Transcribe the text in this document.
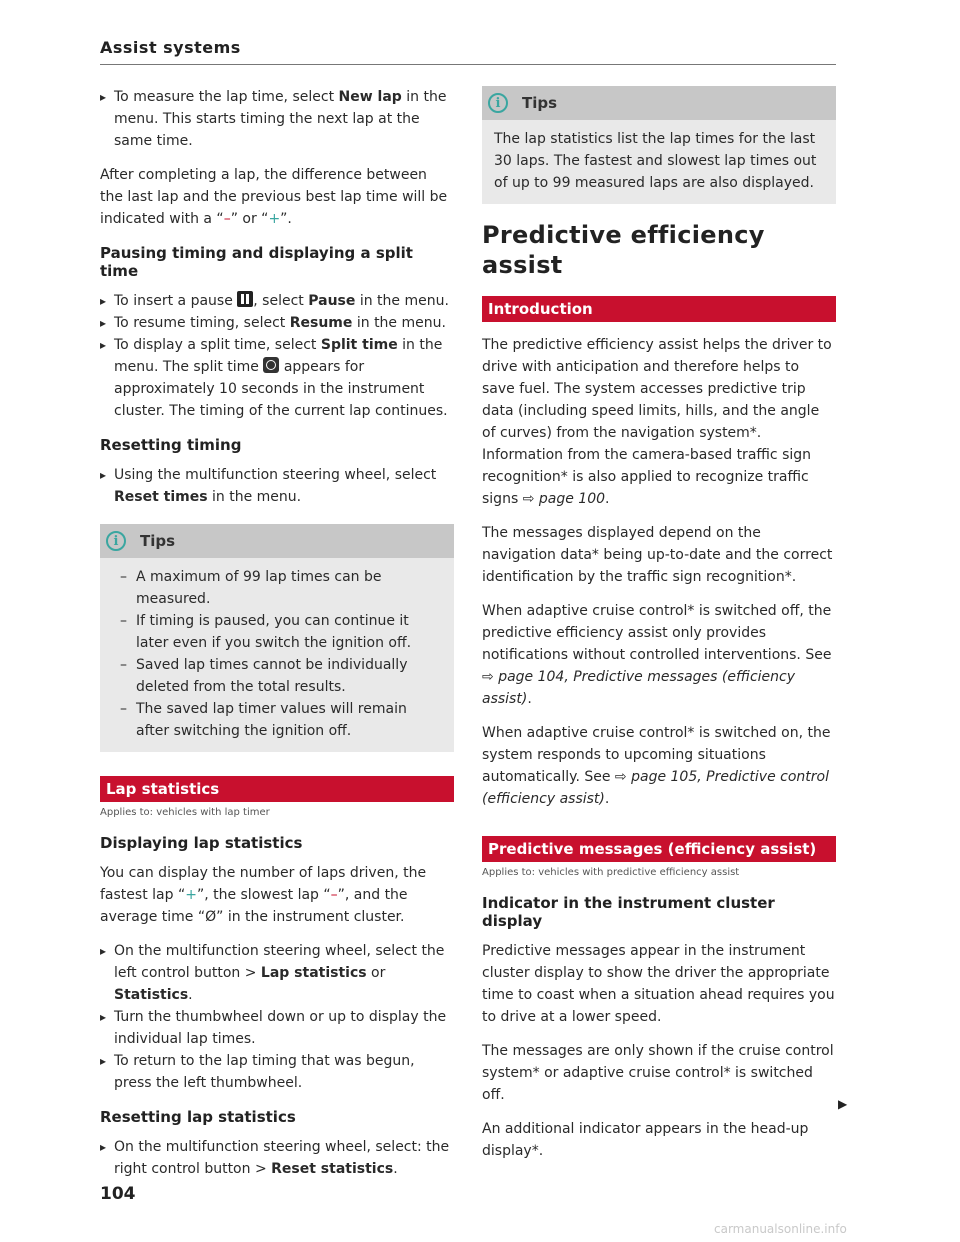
Assist systems
▸ To measure the lap time, select New lap in the menu. This starts timing the next lap at the same time.

After completing a lap, the difference between the last lap and the previous best lap time will be indicated with a “–” or “+”.

Pausing timing and displaying a split time
▸ To insert a pause , select Pause in the menu.
▸ To resume timing, select Resume in the menu.
▸ To display a split time, select Split time in the menu. The split time  appears for approximately 10 seconds in the instrument cluster. The timing of the current lap continues.
Resetting timing
▸ Using the multifunction steering wheel, select Reset times in the menu.
i	Tips
– A maximum of 99 lap times can be measured.
– If timing is paused, you can continue it later even if you switch the ignition off.
– Saved lap times cannot be individually deleted from the total results.
– The saved lap timer values will remain after switching the ignition off.
Lap statistics

Applies to: vehicles with lap timer

Displaying lap statistics

You can display the number of laps driven, the fastest lap “+”, the slowest lap “–”, and the average time “Ø” in the instrument cluster.

▸ On the multifunction steering wheel, select the left control button > Lap statistics or Statistics.
▸ Turn the thumbwheel down or up to display the individual lap times.
▸ To return to the lap timing that was begun, press the left thumbwheel.
Resetting lap statistics
▸ On the multifunction steering wheel, select: the right control button > Reset statistics.
i	Tips

The lap statistics list the lap times for the last 30 laps. The fastest and slowest lap times out of up to 99 measured laps are also displayed.

Predictive efficiency assist
Introduction

The predictive efficiency assist helps the driver to drive with anticipation and therefore helps to save fuel. The system accesses predictive trip data (including speed limits, hills, and the angle of curves) from the navigation system*. Information from the camera-based traffic sign recognition* is also applied to recognize traffic signs ⇨ page 100.

The messages displayed depend on the navigation data* being up-to-date and the correct identification by the traffic sign recognition*.

When adaptive cruise control* is switched off, the predictive efficiency assist only provides notifications without controlled interventions. See ⇨ page 104, Predictive messages (efficiency assist).

When adaptive cruise control* is switched on, the system responds to upcoming situations automatically. See ⇨ page 105, Predictive control (efficiency assist).

Predictive messages (efficiency assist)

Applies to: vehicles with predictive efficiency assist

Indicator in the instrument cluster display

Predictive messages appear in the instrument cluster display to show the driver the appropriate time to coast when a situation ahead requires you to drive at a lower speed.

The messages are only shown if the cruise control system* or adaptive cruise control* is switched off.

An additional indicator appears in the head-up display*.

▶
104
carmanualsonline.info
